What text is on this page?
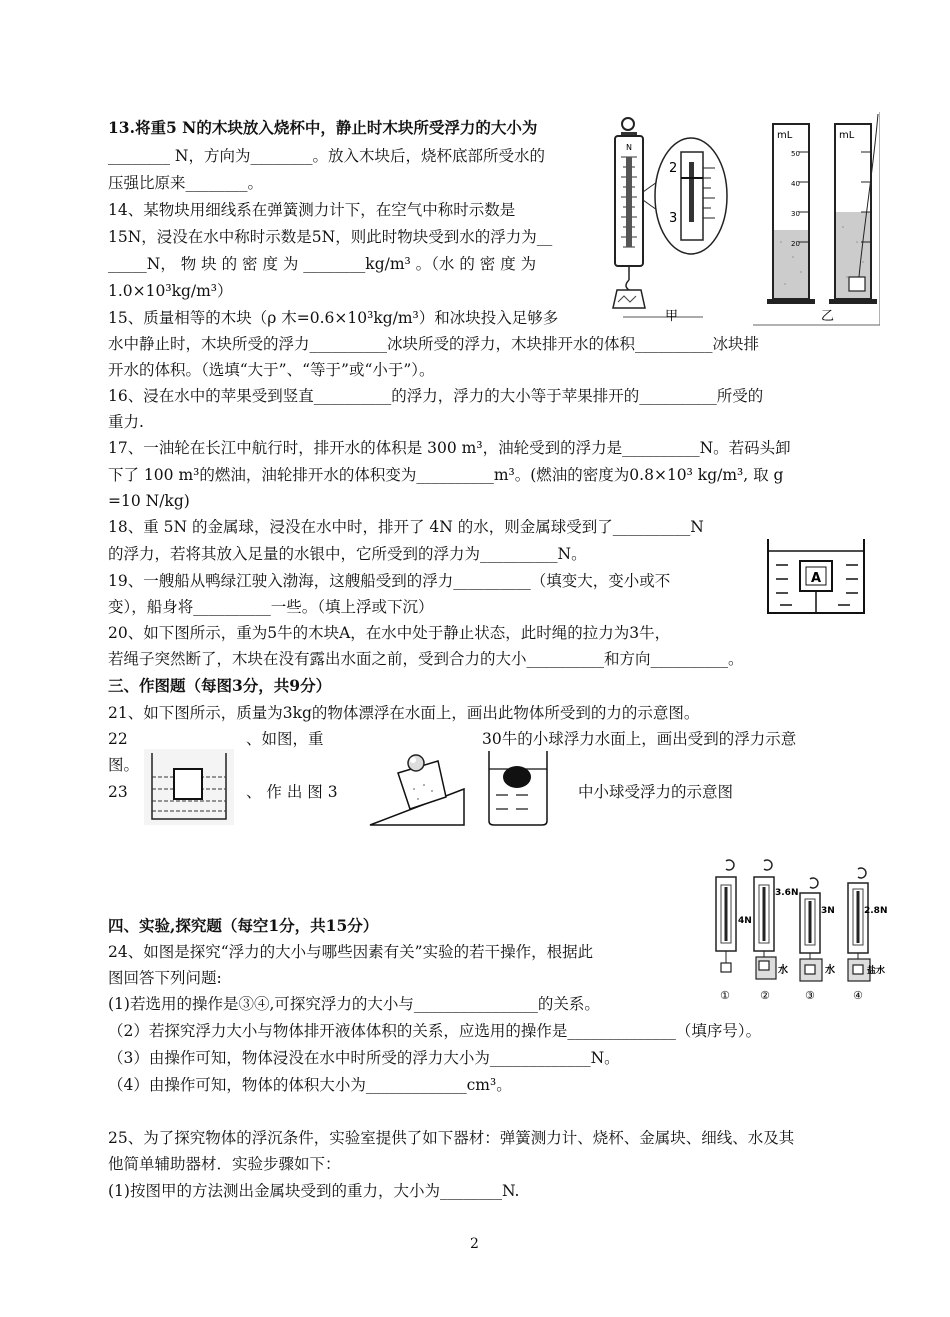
13.将重5 N的木块放入烧杯中，静止时木块所受浮力的大小为
________ N，方向为________。放入木块后，烧杯底部所受水的
压强比原来________。
14、某物块用细线系在弹簧测力计下，在空气中称时示数是
15N，浸没在水中称时示数是5N，则此时物块受到水的浮力为__
_____N， 物 块 的 密 度 为 ________kg/m³ 。（水 的 密 度 为
1.0×10³kg/m³）
15、质量相等的木块（ρ 木=0.6×10³kg/m³）和冰块投入足够多
水中静止时，木块所受的浮力__________冰块所受的浮力，木块排开水的体积__________冰块排
开水的体积。（选填“大于”、“等于”或“小于”）。
16、浸在水中的苹果受到竖直__________的浮力，浮力的大小等于苹果排开的__________所受的
重力.
17、一油轮在长江中航行时，排开水的体积是 300 m³，油轮受到的浮力是__________N。若码头卸
下了 100 m³的燃油，油轮排开水的体积变为__________m³。(燃油的密度为0.8×10³ kg/m³, 取 g
=10 N/kg)
18、重 5N 的金属球，浸没在水中时，排开了 4N 的水，则金属球受到了__________N
的浮力，若将其放入足量的水银中，它所受到的浮力为__________N。
19、一艘船从鸭绿江驶入渤海，这艘船受到的浮力__________（填变大，变小或不
变），船身将__________一些。（填上浮或下沉）
20、如下图所示，重为5牛的木块A，在水中处于静止状态，此时绳的拉力为3牛，
若绳子突然断了，木块在没有露出水面之前，受到合力的大小__________和方向__________。
三、作图题（每图3分，共9分）
21、如下图所示，质量为3kg的物体漂浮在水面上，画出此物体所受到的力的示意图。
22	、如图，重	30牛的小球浮力水面上，画出受到的浮力示意
图。
23	、 作 出 图 3	中小球受浮力的示意图
四、实验,探究题（每空1分，共15分）
24、如图是探究“浮力的大小与哪些因素有关”实验的若干操作，根据此
图回答下列问题:
(1)若选用的操作是③④,可探究浮力的大小与________________的关系。
（2）若探究浮力大小与物体排开液体体积的关系，应选用的操作是______________（填序号）。
（3）由操作可知，物体浸没在水中时所受的浮力大小为_____________N。
（4）由操作可知，物体的体积大小为_____________cm³。
25、为了探究物体的浮沉条件，实验室提供了如下器材：弹簧测力计、烧杯、金属块、细线、水及其
他简单辅助器材．实验步骤如下：
(1)按图甲的方法测出金属块受到的重力，大小为________N.
2
N
2
3
甲
mL
50
40
30
20
mL
乙
A
4N
3.6N
水
3N
水
2.8N
盐水
①	②	③	④
